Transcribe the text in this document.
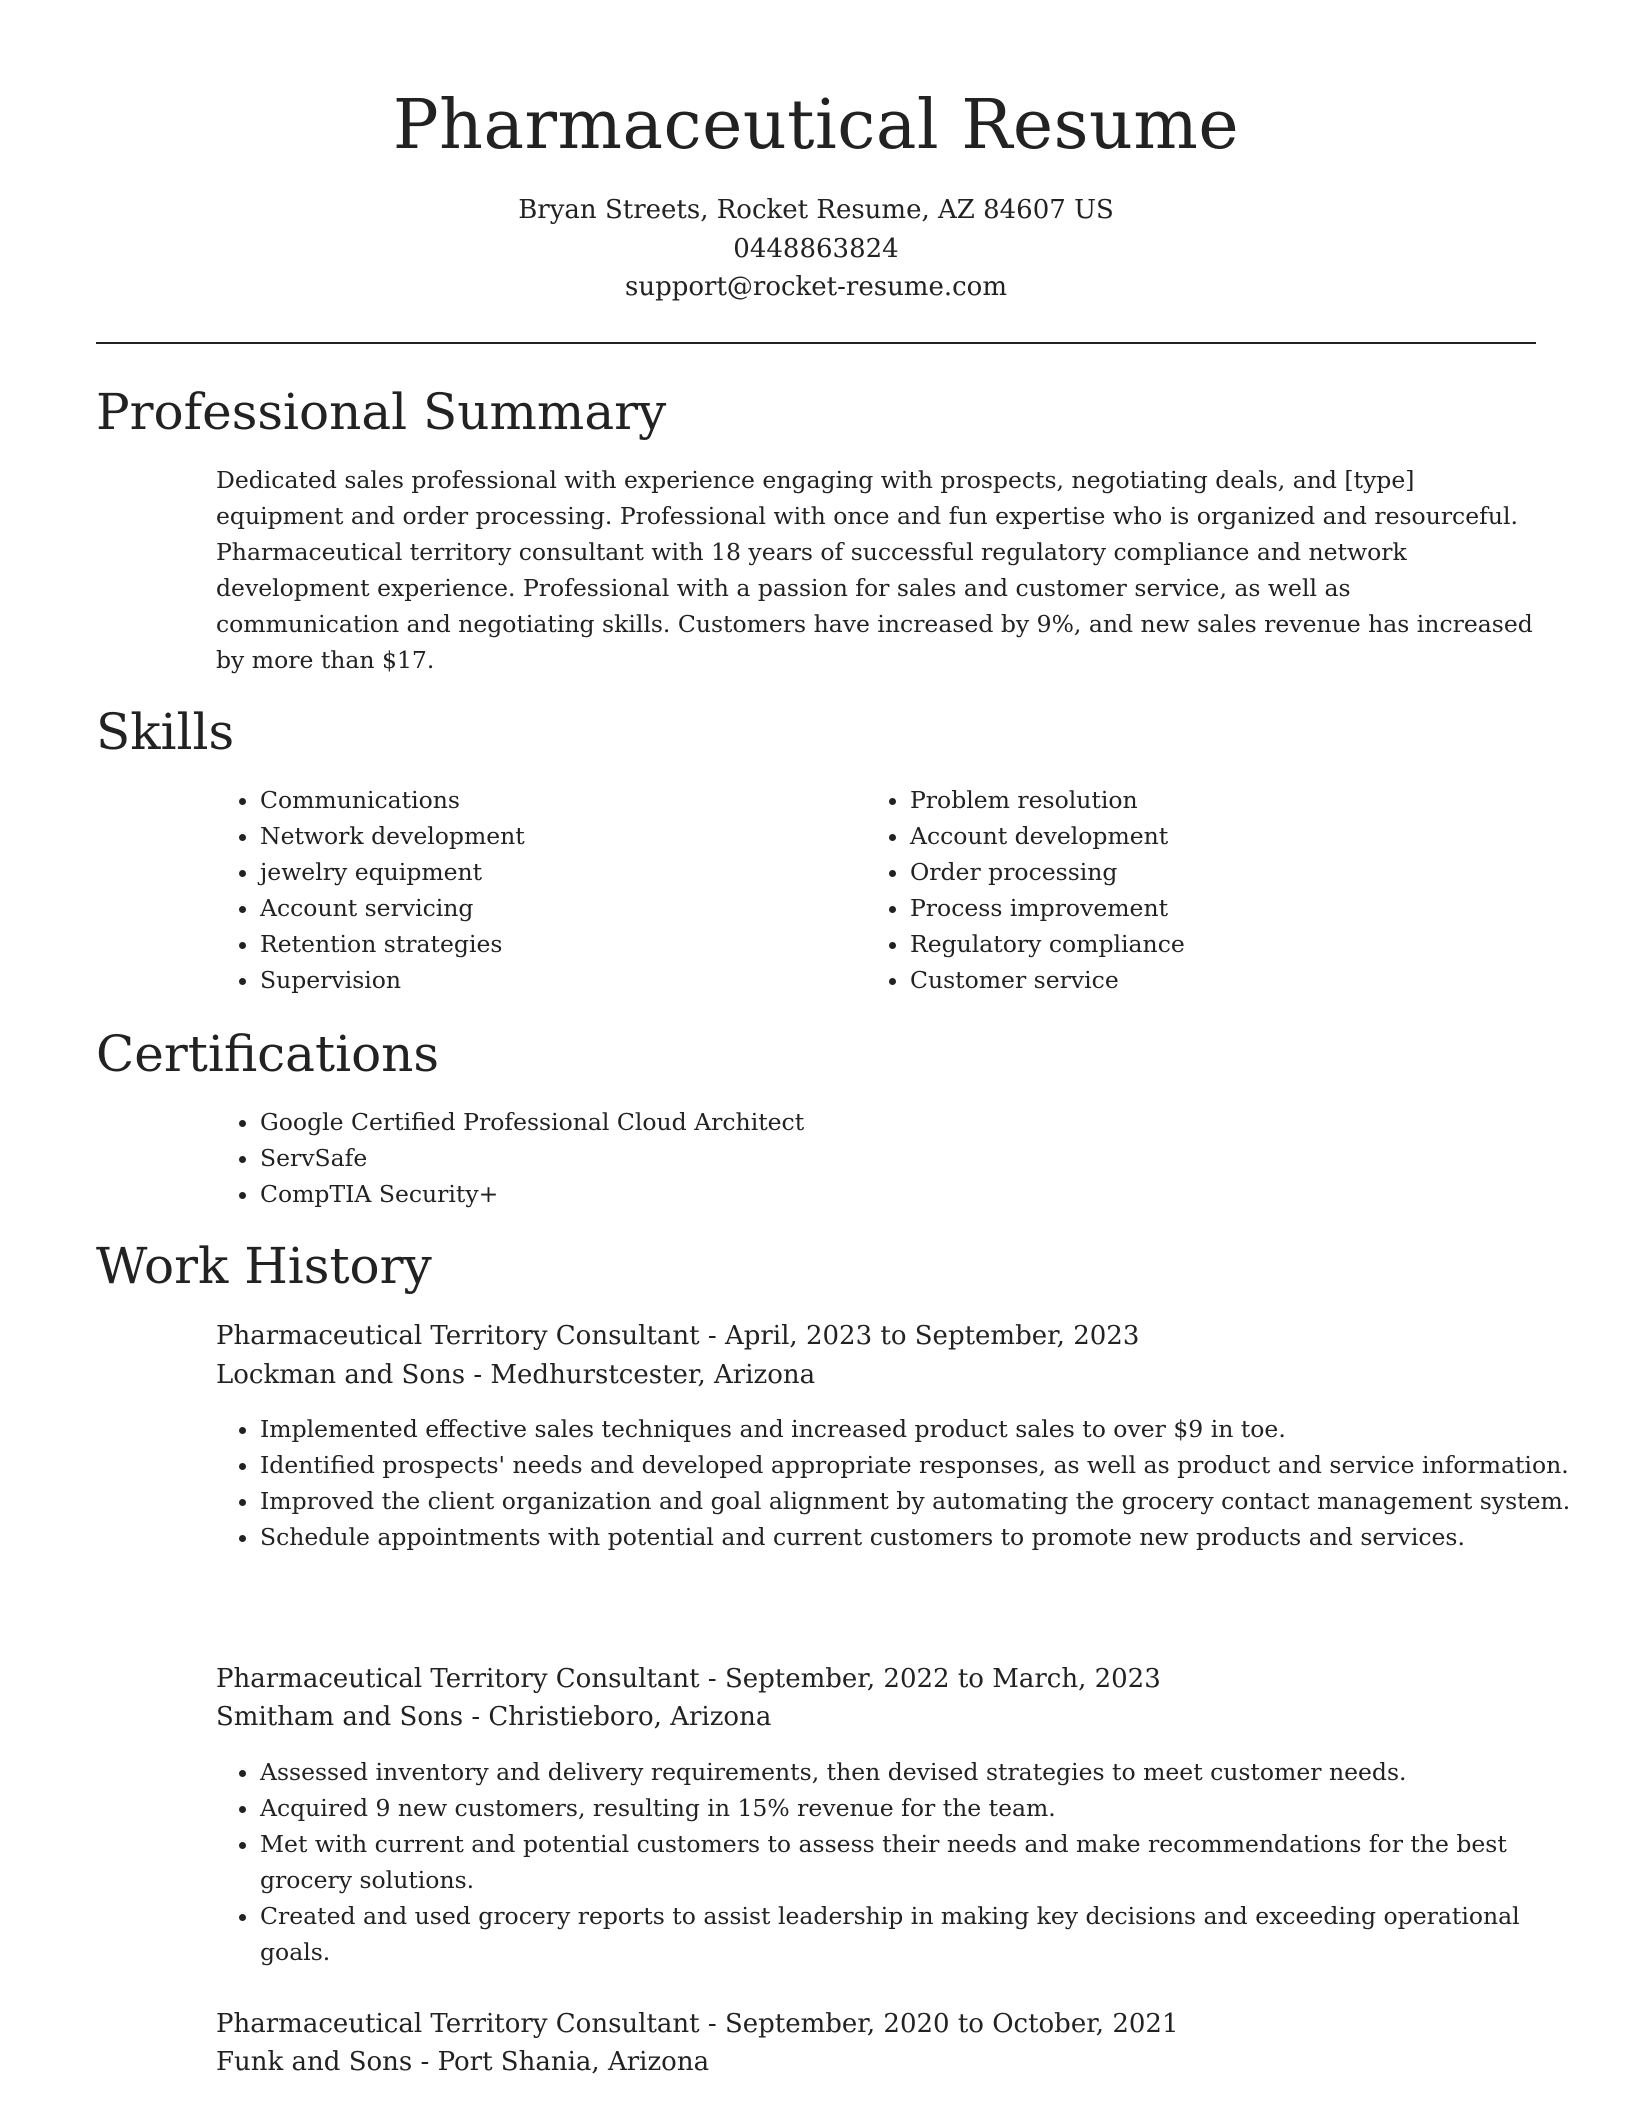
Pharmaceutical Resume
Bryan Streets, Rocket Resume, AZ 84607 US
0448863824
support@rocket-resume.com
Professional Summary
Dedicated sales professional with experience engaging with prospects, negotiating deals, and [type] equipment and order processing. Professional with once and fun expertise who is organized and resourceful. Pharmaceutical territory consultant with 18 years of successful regulatory compliance and network development experience. Professional with a passion for sales and customer service, as well as communication and negotiating skills. Customers have increased by 9%, and new sales revenue has increased by more than $17.
Skills
• Communications
• Network development
• jewelry equipment
• Account servicing
• Retention strategies
• Supervision
• Problem resolution
• Account development
• Order processing
• Process improvement
• Regulatory compliance
• Customer service
Certifications
• Google Certified Professional Cloud Architect
• ServSafe
• CompTIA Security+
Work History
Pharmaceutical Territory Consultant - April, 2023 to September, 2023
Lockman and Sons - Medhurstcester, Arizona
• Implemented effective sales techniques and increased product sales to over $9 in toe.
• Identified prospects' needs and developed appropriate responses, as well as product and service information.
• Improved the client organization and goal alignment by automating the grocery contact management system.
• Schedule appointments with potential and current customers to promote new products and services.
Pharmaceutical Territory Consultant - September, 2022 to March, 2023
Smitham and Sons - Christieboro, Arizona
• Assessed inventory and delivery requirements, then devised strategies to meet customer needs.
• Acquired 9 new customers, resulting in 15% revenue for the team.
• Met with current and potential customers to assess their needs and make recommendations for the best grocery solutions.
• Created and used grocery reports to assist leadership in making key decisions and exceeding operational goals.
Pharmaceutical Territory Consultant - September, 2020 to October, 2021
Funk and Sons - Port Shania, Arizona
